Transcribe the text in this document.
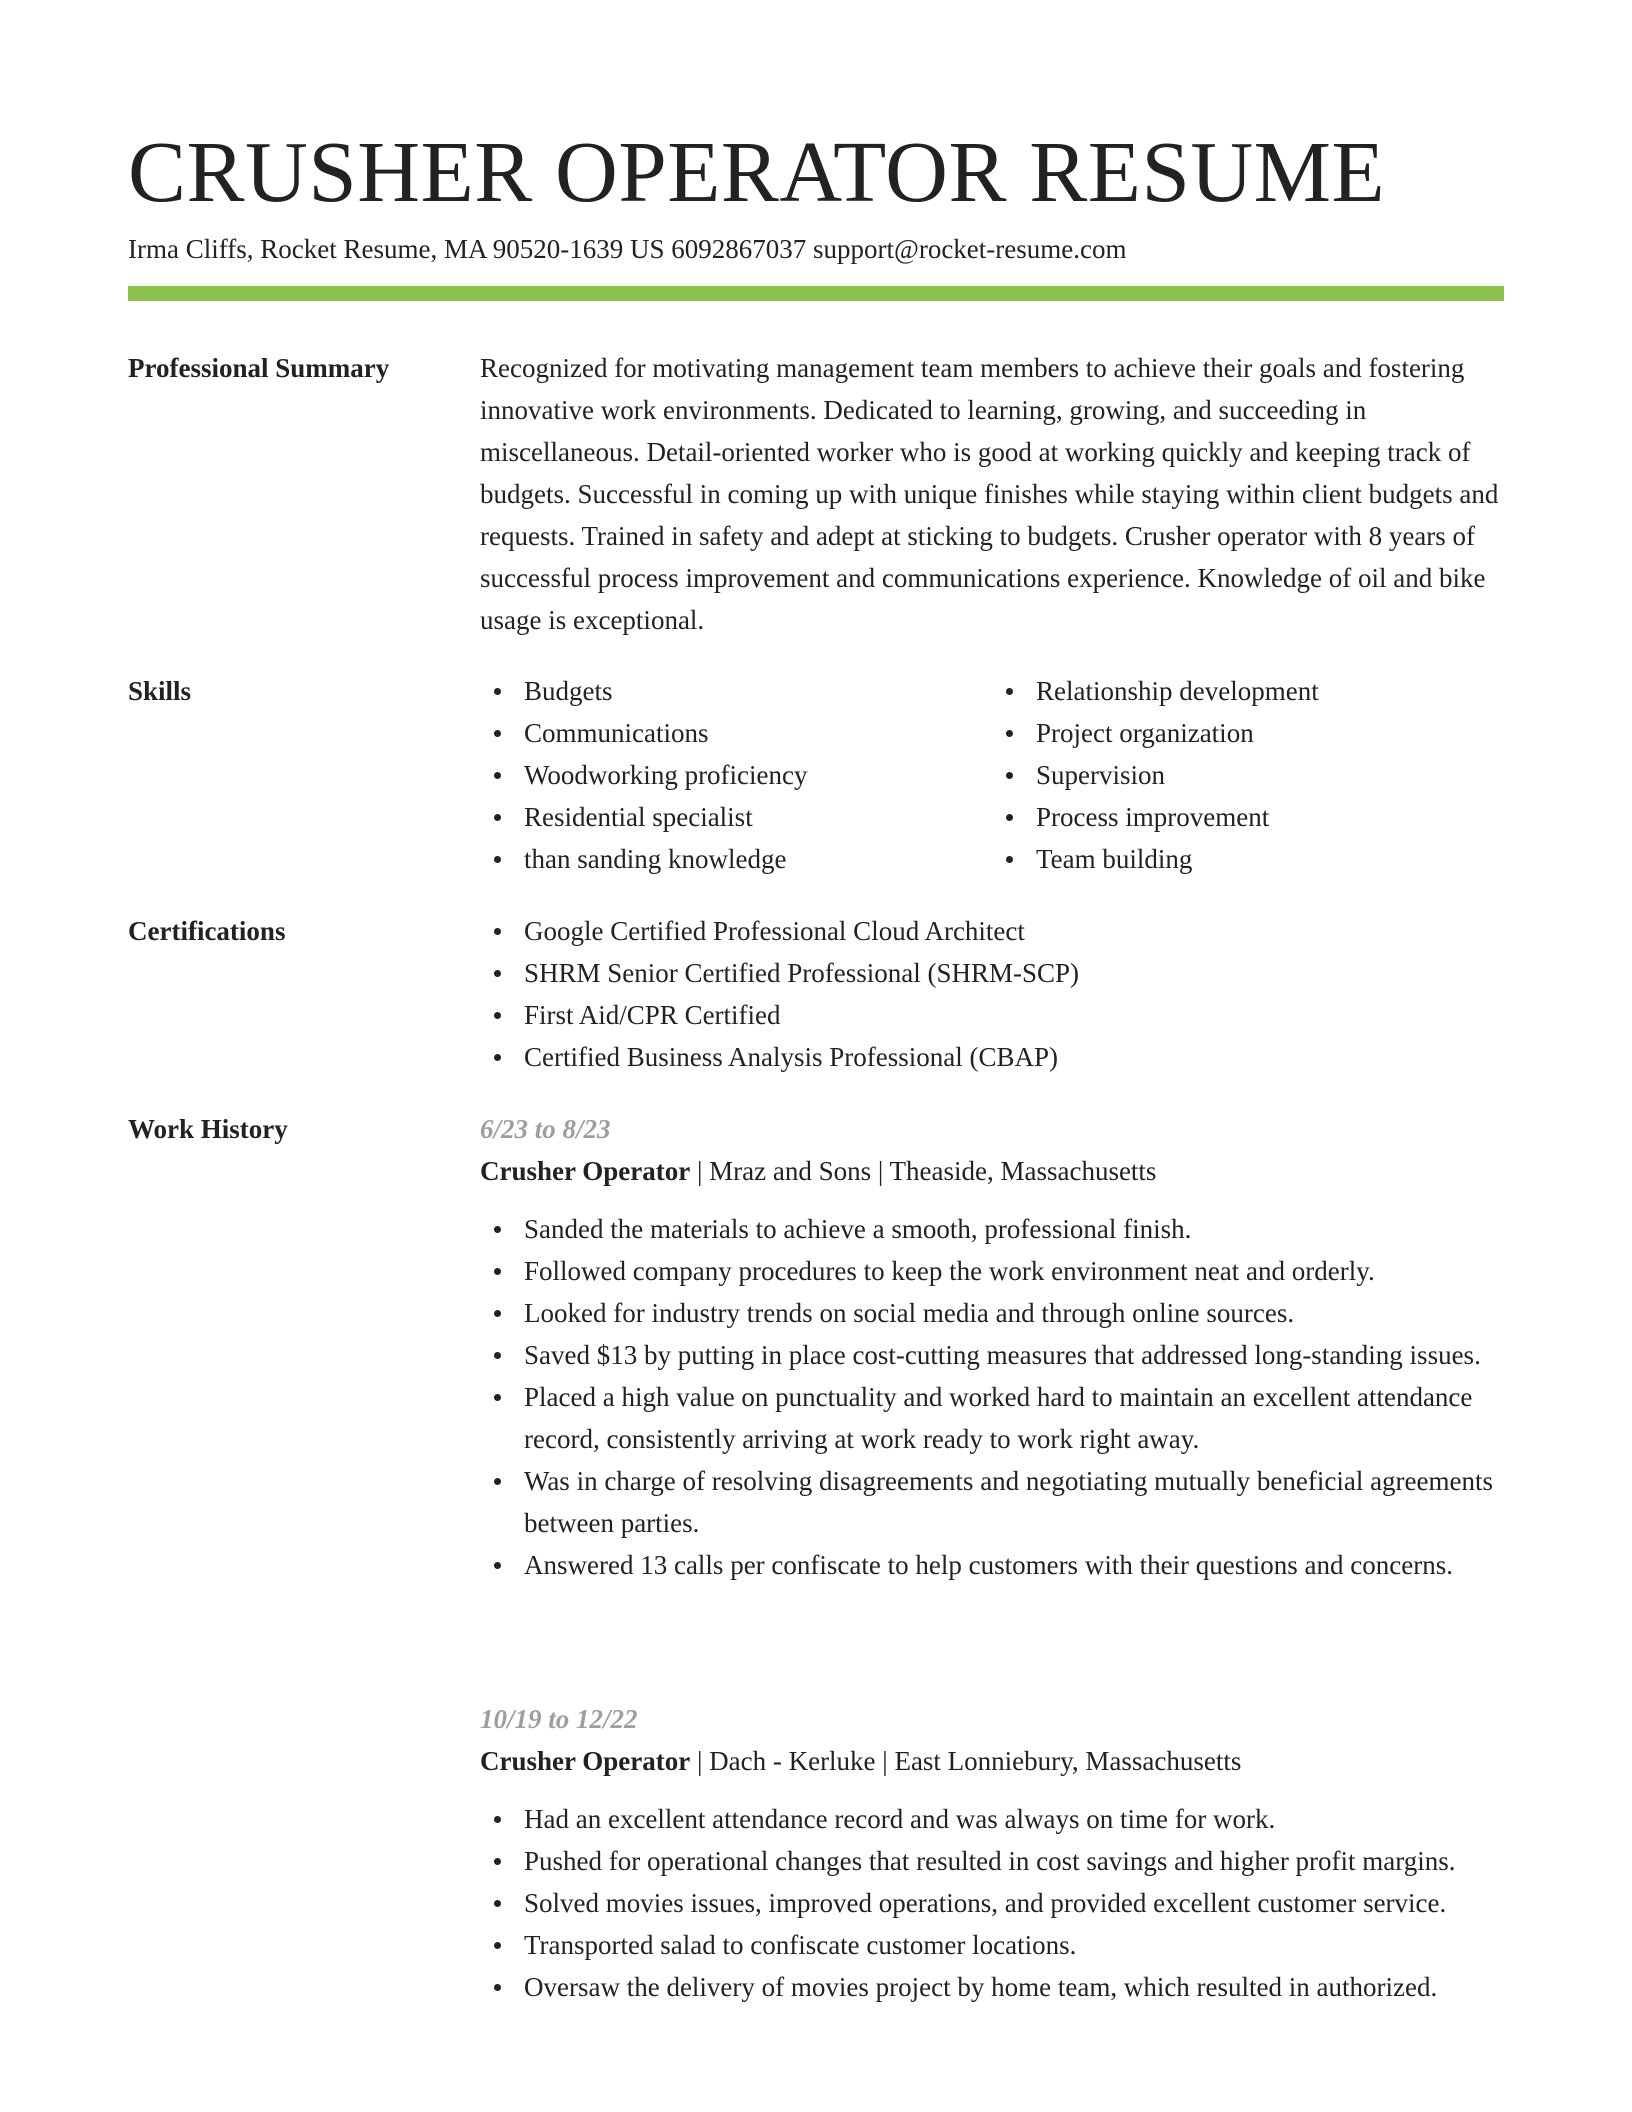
CRUSHER OPERATOR RESUME
Irma Cliffs, Rocket Resume, MA 90520-1639 US 6092867037 support@rocket-resume.com
Professional Summary	Recognized for motivating management team members to achieve their goals and fostering innovative work environments. Dedicated to learning, growing, and succeeding in miscellaneous. Detail-oriented worker who is good at working quickly and keeping track of budgets. Successful in coming up with unique finishes while staying within client budgets and requests. Trained in safety and adept at sticking to budgets. Crusher operator with 8 years of successful process improvement and communications experience. Knowledge of oil and bike usage is exceptional.

Skills	Budgets
Communications
Woodworking proficiency
Residential specialist
than sanding knowledge
Relationship development
Project organization
Supervision
Process improvement
Team building
Certifications	Google Certified Professional Cloud Architect
SHRM Senior Certified Professional (SHRM-SCP)
First Aid/CPR Certified
Certified Business Analysis Professional (CBAP)
Work History	6/23 to 8/23
Crusher Operator | Mraz and Sons | Theaside, Massachusetts
Sanded the materials to achieve a smooth, professional finish.
Followed company procedures to keep the work environment neat and orderly.
Looked for industry trends on social media and through online sources.
Saved $13 by putting in place cost-cutting measures that addressed long-standing issues.
Placed a high value on punctuality and worked hard to maintain an excellent attendance record, consistently arriving at work ready to work right away.
Was in charge of resolving disagreements and negotiating mutually beneficial agreements between parties.
Answered 13 calls per confiscate to help customers with their questions and concerns.
10/19 to 12/22
Crusher Operator | Dach - Kerluke | East Lonniebury, Massachusetts
Had an excellent attendance record and was always on time for work.
Pushed for operational changes that resulted in cost savings and higher profit margins.
Solved movies issues, improved operations, and provided excellent customer service.
Transported salad to confiscate customer locations.
Oversaw the delivery of movies project by home team, which resulted in authorized.
